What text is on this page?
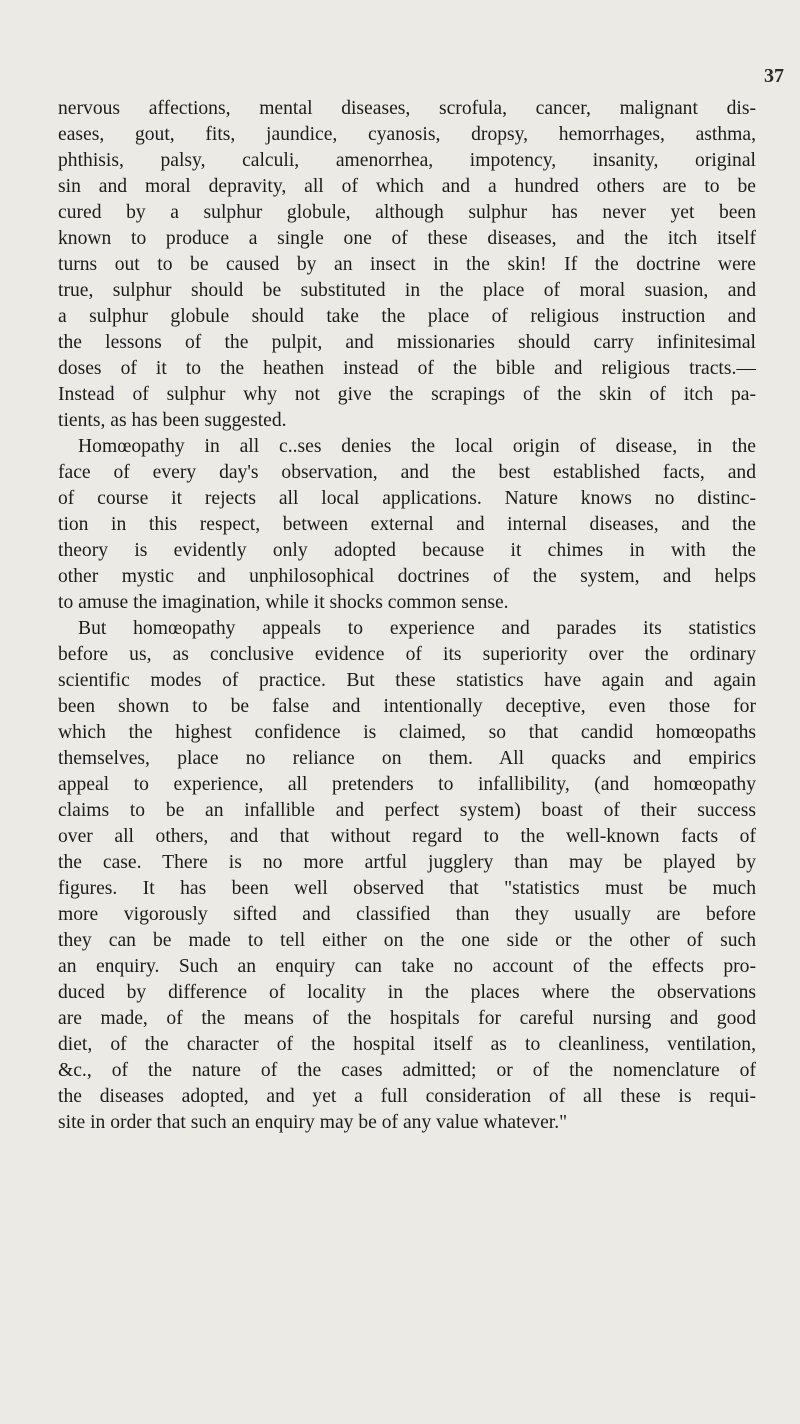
37
nervous affections, mental diseases, scrofula, cancer, malignant dis-
eases, gout, fits, jaundice, cyanosis, dropsy, hemorrhages, asthma,
phthisis, palsy, calculi, amenorrhea, impotency, insanity, original
sin and moral depravity, all of which and a hundred others are to be
cured by a sulphur globule, although sulphur has never yet been
known to produce a single one of these diseases, and the itch itself
turns out to be caused by an insect in the skin! If the doctrine were
true, sulphur should be substituted in the place of moral suasion, and
a sulphur globule should take the place of religious instruction and
the lessons of the pulpit, and missionaries should carry infinitesimal
doses of it to the heathen instead of the bible and religious tracts.—
Instead of sulphur why not give the scrapings of the skin of itch pa-
tients, as has been suggested.
Homœopathy in all c..ses denies the local origin of disease, in the
face of every day's observation, and the best established facts, and
of course it rejects all local applications. Nature knows no distinc-
tion in this respect, between external and internal diseases, and the
theory is evidently only adopted because it chimes in with the
other mystic and unphilosophical doctrines of the system, and helps
to amuse the imagination, while it shocks common sense.
But homœopathy appeals to experience and parades its statistics
before us, as conclusive evidence of its superiority over the ordinary
scientific modes of practice. But these statistics have again and again
been shown to be false and intentionally deceptive, even those for
which the highest confidence is claimed, so that candid homœopaths
themselves, place no reliance on them. All quacks and empirics
appeal to experience, all pretenders to infallibility, (and homœopathy
claims to be an infallible and perfect system) boast of their success
over all others, and that without regard to the well-known facts of
the case. There is no more artful jugglery than may be played by
figures. It has been well observed that "statistics must be much
more vigorously sifted and classified than they usually are before
they can be made to tell either on the one side or the other of such
an enquiry. Such an enquiry can take no account of the effects pro-
duced by difference of locality in the places where the observations
are made, of the means of the hospitals for careful nursing and good
diet, of the character of the hospital itself as to cleanliness, ventilation,
&c., of the nature of the cases admitted; or of the nomenclature of
the diseases adopted, and yet a full consideration of all these is requi-
site in order that such an enquiry may be of any value whatever."
